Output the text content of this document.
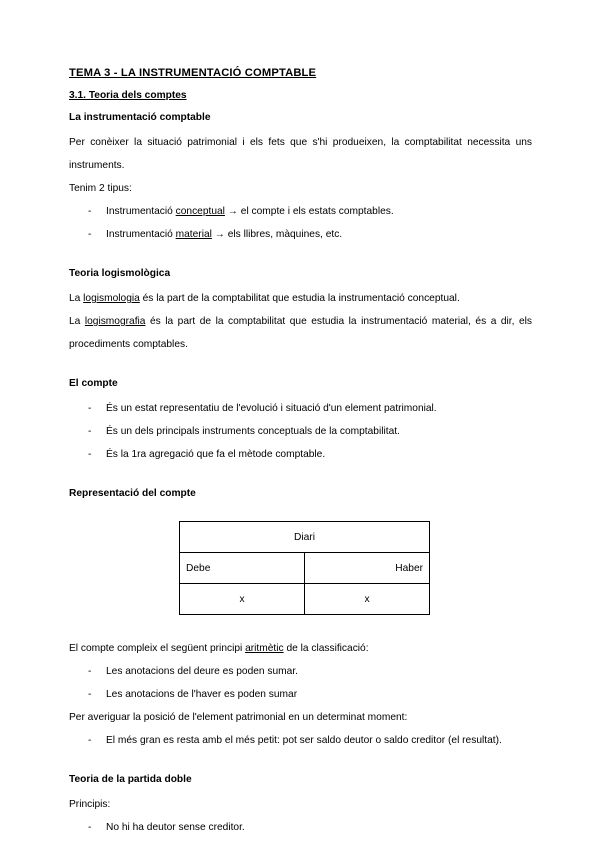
TEMA 3 - LA INSTRUMENTACIÓ COMPTABLE
3.1. Teoria dels comptes
La instrumentació comptable

Per conèixer la situació patrimonial i els fets que s'hi produeixen, la comptabilitat necessita uns instruments.

Tenim 2 tipus:

- Instrumentació conceptual → el compte i els estats comptables.
- Instrumentació material → els llibres, màquines, etc.
Teoria logismològica

La logismologia és la part de la comptabilitat que estudia la instrumentació conceptual.

La logismografia és la part de la comptabilitat que estudia la instrumentació material, és a dir, els procediments comptables.

El compte
- És un estat representatiu de l'evolució i situació d'un element patrimonial.
- És un dels principals instruments conceptuals de la comptabilitat.
- És la 1ra agregació que fa el mètode comptable.
Representació del compte
Diari	
Debe	Haber
x	x

El compte compleix el següent principi aritmètic de la classificació:

- Les anotacions del deure es poden sumar.
- Les anotacions de l'haver es poden sumar

Per averiguar la posició de l'element patrimonial en un determinat moment:

- El més gran es resta amb el més petit: pot ser saldo deutor o saldo creditor (el resultat).
Teoria de la partida doble

Principis:

- No hi ha deutor sense creditor.
